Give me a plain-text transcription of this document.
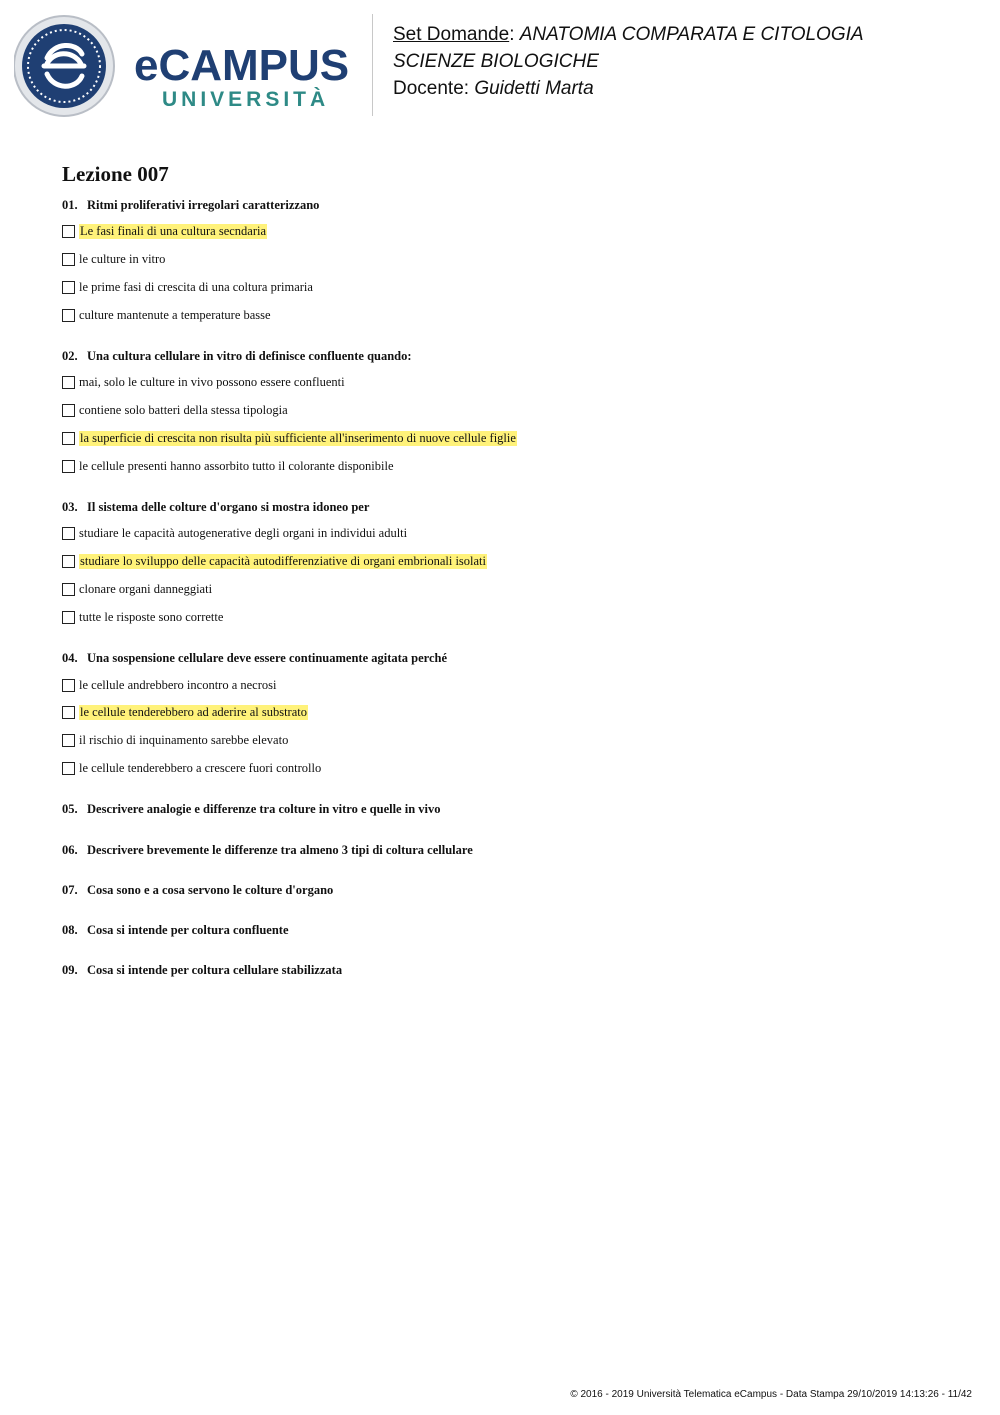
eCAMPUS
UNIVERSITÀ
Set Domande: ANATOMIA COMPARATA E CITOLOGIA
SCIENZE BIOLOGICHE
Docente: Guidetti Marta
Lezione 007
01. Ritmi proliferativi irregolari caratterizzano
Le fasi finali di una cultura secndaria
le culture in vitro
le prime fasi di crescita di una coltura primaria
culture mantenute a temperature basse
02. Una cultura cellulare in vitro di definisce confluente quando:
mai, solo le culture in vivo possono essere confluenti
contiene solo batteri della stessa tipologia
la superficie di crescita non risulta più sufficiente all'inserimento di nuove cellule figlie
le cellule presenti hanno assorbito tutto il colorante disponibile
03. Il sistema delle colture d'organo si mostra idoneo per
studiare le capacità autogenerative degli organi in individui adulti
studiare lo sviluppo delle capacità autodifferenziative di organi embrionali isolati
clonare organi danneggiati
tutte le risposte sono corrette
04. Una sospensione cellulare deve essere continuamente agitata perché
le cellule andrebbero incontro a necrosi
le cellule tenderebbero ad aderire al substrato
il rischio di inquinamento sarebbe elevato
le cellule tenderebbero a crescere fuori controllo
05. Descrivere analogie e differenze tra colture in vitro e quelle in vivo
06. Descrivere brevemente le differenze tra almeno 3 tipi di coltura cellulare
07. Cosa sono e a cosa servono le colture d'organo
08. Cosa si intende per coltura confluente
09. Cosa si intende per coltura cellulare stabilizzata
© 2016 - 2019 Università Telematica eCampus - Data Stampa 29/10/2019 14:13:26 - 11/42
